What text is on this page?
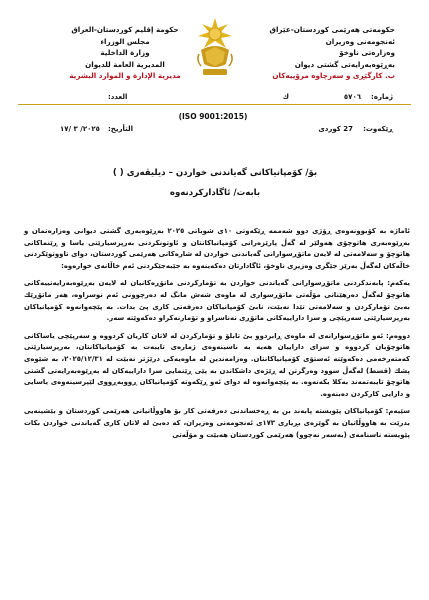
حكومەتى هەرێمى كوردستان-عێراق
ئەنجومەنى وەزیران
وەزارەتى ناوخۆ
بەڕێوەبەرایەتى گشتى دیوان
ب. كارگێڕى و سەرچاوە مرۆیيەكان
حكومة إقليم كوردستان-العراق
مجلس الوزراء
وزارة الداخلية
المديرية العامة للديوان
مديرية الإدارة و الموارد البشرية
ژمارە:
٥٧٠٦
ك
العدد:
(ISO 9001:2015)
ڕێكەوت:
27 كوردى
التأريخ:
٢٠٢٥/ ٣ /١٧
بۆ/ كۆمپانیاكانى گەیاندنى خواردن – دیلیڤەرى ( )
بابەت/ ئاگاداركردنەوە

ئاماژە بە كۆبوونەوەى ڕۆژى دوو شەممە ڕێكەوتى ١٠ى شوباتى ٢٠٢٥ بەڕێوەبەرى گشتى دیوانى وەزارەتمان و بەڕێوەبەرى هاتوچۆى هەولێر لە گەڵ پارێزەرانى كۆمپانیاكانتان و ئاوتونكردنى بەرپرسيارێتى یاسا و ڕێنماكانى هاتوچۆ و سەلامەتى لە لایەن ماتۆڕسوارانى گەیاندنى خواردن لە شارەكانى هەرێمى كوردستان، دواى تاووتوێكردنى خاڵەكان لەگەڵ بەرێز جێگرى وەزیرى ناوخۆ، ئاگادارتان دەكەینەوە بە جێبەجێكردنى ئەم خاڵانەى خوارەوە:

یەكەم: پابەندكردنى ماتۆڕسوارانى گەیاندنى خواردن بە تۆماركردنى ماتۆڕەكانیان لە لایەن بەڕێوەبەرایەتییەكانى هاتوچۆ لەگەڵ دەرهێنانى مۆڵەتى ماتۆڕسوارى لە ماوەى شەش مانگ لە دەرچوونى ئەم نوسراوە، هەر ماتۆڕێك بەبێ تۆماركردن و سەلامەتى تێدا نەبێت، نابێ كۆمپانیاكان دەرفەتى كارى پێ بدات. بە پێچەوانەوە كۆمپانیاكان بەرپرسیارێتى سەرپێچى و سزا داراییەكانى ماتۆڕى نەناسراو و تۆمارنەكراو دەكەوێتە سەر.

دووەم: ئەو ماتۆڕسوارانەى لە ماوەى ڕابردوو بێ تابلۆ و تۆماركردن لە لاتان كاریان كردووە و سەرپێچى یاساكانى هاتوچۆیان كردووە و سزاى داراییان هەیە بە ناسینەوەى ژمارەى تایبەت بە كۆمپانیاكانتان، بەرپرسيارێتى كەمتەرخەمى دەكەوێتە ئەستۆى كۆمپانیاكانتان. وەزامەندین لە ماوەیەكى درێژتر نەبێت لە ٢٠٢٥/١٢/٣١، بە شێوەى پشك (قسط) لەگەڵ سوود وەرگرتن لە ڕێژەى داشكاندن بە پێى ڕێنمایى سزا داراییەكان لە بەڕێوەبەرایەتى گشتى هاتوچۆ تایبەتمەند بەكلا بكەنەوە. بە پێچەوانەوە لە دواى ئەو ڕێكەوتە كۆمپانیاكان ڕووبەڕووى لێپرسینەوەى یاسایى و دارایى كاركردن دەبنەوە.

سێیەم: كۆمپانیاكان پێویستە پابەند بن بە ڕەخساندنى دەرفەتى كار بۆ هاووڵاتیانى هەرێمى كوردستان و بێشینەیى بدرێت بە هاووڵاتیان بە گوێرەى بڕیارى ١٧٣ى ئەنجومەنى وەزیران، كە دەبێ لە لاتان كارى گەیاندنى خواردن بكات پێویستە ناسنامەى (بەسەر نەچوو) هەرێمى كوردستان هەبێت و مۆڵەتى
